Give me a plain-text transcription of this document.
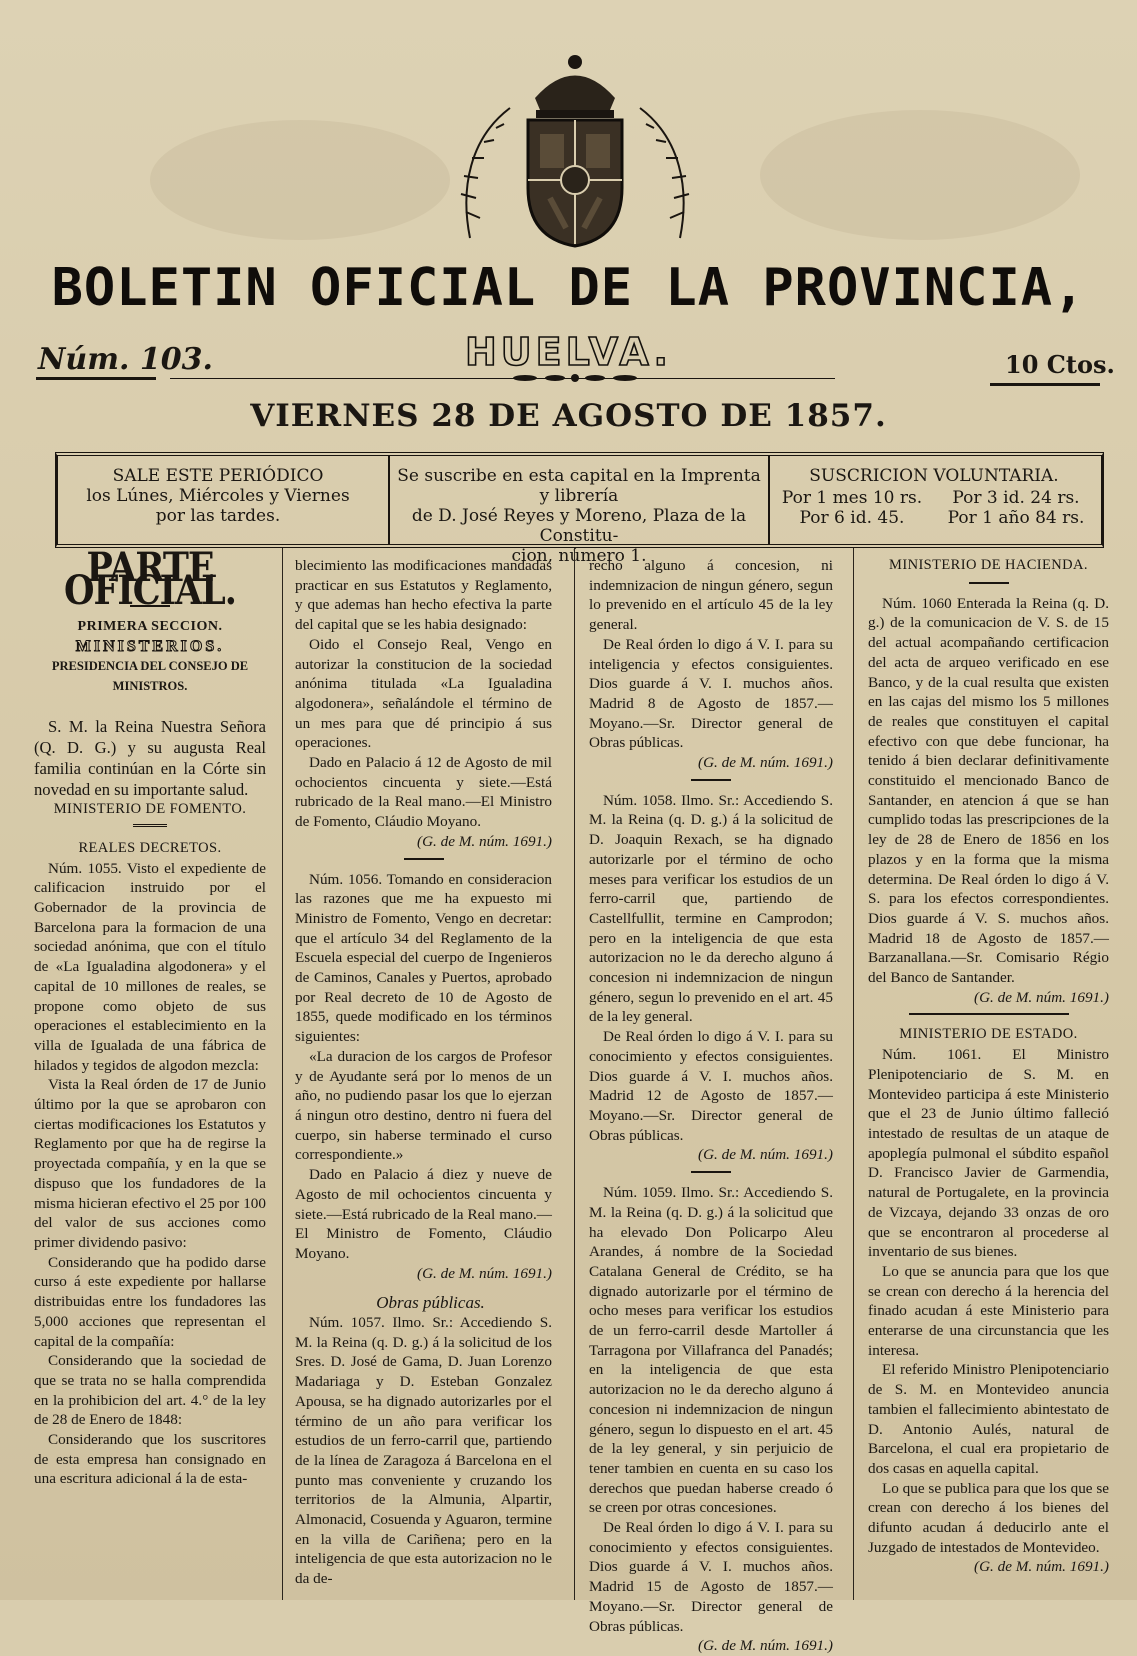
BOLETIN OFICIAL DE LA PROVINCIA,
Núm. 103.	HUELVA.	10 Ctos.
VIERNES 28 DE AGOSTO DE 1857.
SALE ESTE PERIÓDICO
los Lúnes, Miércoles y Viernes
por las tardes.
Se suscribe en esta capital en la Imprenta y librería
de D. José Reyes y Moreno, Plaza de la Constitu-
cion, número 1.
SUSCRICION VOLUNTARIA.
Por 1 mes 10 rs.	Por 3 id. 24 rs.
Por 6 id. 45.	Por 1 año 84 rs.

PARTE OFICIAL.

PRIMERA SECCION.

MINISTERIOS.

PRESIDENCIA DEL CONSEJO DE MINISTROS.

S. M. la Reina Nuestra Señora (Q. D. G.) y su augusta Real familia continúan en la Córte sin novedad en su importante salud.

MINISTERIO DE FOMENTO.

REALES DECRETOS.

Núm. 1055. Visto el expediente de calificacion instruido por el Gobernador de la provincia de Barcelona para la formacion de una sociedad anónima, que con el título de «La Igualadina algodonera» y el capital de 10 millones de reales, se propone como objeto de sus operaciones el establecimiento en la villa de Igualada de una fábrica de hilados y tegidos de algodon mezcla:

Vista la Real órden de 17 de Junio último por la que se aprobaron con ciertas modificaciones los Estatutos y Reglamento por que ha de regirse la proyectada compañía, y en la que se dispuso que los fundadores de la misma hicieran efectivo el 25 por 100 del valor de sus acciones como primer dividendo pasivo:

Considerando que ha podido darse curso á este expediente por hallarse distribuidas entre los fundadores las 5,000 acciones que representan el capital de la compañía:

Considerando que la sociedad de que se trata no se halla comprendida en la prohibicion del art. 4.° de la ley de 28 de Enero de 1848:

Considerando que los suscritores de esta empresa han consignado en una escritura adicional á la de esta-

blecimiento las modificaciones mandadas practicar en sus Estatutos y Reglamento, y que ademas han hecho efectiva la parte del capital que se les habia designado:

Oido el Consejo Real, Vengo en autorizar la constitucion de la sociedad anónima titulada «La Igualadina algodonera», señalándole el término de un mes para que dé principio á sus operaciones.

Dado en Palacio á 12 de Agosto de mil ochocientos cincuenta y siete.—Está rubricado de la Real mano.—El Ministro de Fomento, Cláudio Moyano.

(G. de M. núm. 1691.)

Núm. 1056. Tomando en consideracion las razones que me ha expuesto mi Ministro de Fomento, Vengo en decretar: que el artículo 34 del Reglamento de la Escuela especial del cuerpo de Ingenieros de Caminos, Canales y Puertos, aprobado por Real decreto de 10 de Agosto de 1855, quede modificado en los términos siguientes:

«La duracion de los cargos de Profesor y de Ayudante será por lo menos de un año, no pudiendo pasar los que lo ejerzan á ningun otro destino, dentro ni fuera del cuerpo, sin haberse terminado el curso correspondiente.»

Dado en Palacio á diez y nueve de Agosto de mil ochocientos cincuenta y siete.—Está rubricado de la Real mano.—El Ministro de Fomento, Cláudio Moyano.

(G. de M. núm. 1691.)

Obras públicas.

Núm. 1057. Ilmo. Sr.: Accediendo S. M. la Reina (q. D. g.) á la solicitud de los Sres. D. José de Gama, D. Juan Lorenzo Madariaga y D. Esteban Gonzalez Apousa, se ha dignado autorizarles por el término de un año para verificar los estudios de un ferro-carril que, partiendo de la línea de Zaragoza á Barcelona en el punto mas conveniente y cruzando los territorios de la Almunia, Alpartir, Almonacid, Cosuenda y Aguaron, termine en la villa de Cariñena; pero en la inteligencia de que esta autorizacion no le da de-

recho alguno á concesion, ni indemnizacion de ningun género, segun lo prevenido en el artículo 45 de la ley general.

De Real órden lo digo á V. I. para su inteligencia y efectos consiguientes. Dios guarde á V. I. muchos años. Madrid 8 de Agosto de 1857.—Moyano.—Sr. Director general de Obras públicas.

(G. de M. núm. 1691.)

Núm. 1058. Ilmo. Sr.: Accediendo S. M. la Reina (q. D. g.) á la solicitud de D. Joaquin Rexach, se ha dignado autorizarle por el término de ocho meses para verificar los estudios de un ferro-carril que, partiendo de Castellfullit, termine en Camprodon; pero en la inteligencia de que esta autorizacion no le da derecho alguno á concesion ni indemnizacion de ningun género, segun lo prevenido en el art. 45 de la ley general.

De Real órden lo digo á V. I. para su conocimiento y efectos consiguientes. Dios guarde á V. I. muchos años. Madrid 12 de Agosto de 1857.—Moyano.—Sr. Director general de Obras públicas.

(G. de M. núm. 1691.)

Núm. 1059. Ilmo. Sr.: Accediendo S. M. la Reina (q. D. g.) á la solicitud que ha elevado Don Policarpo Aleu Arandes, á nombre de la Sociedad Catalana General de Crédito, se ha dignado autorizarle por el término de ocho meses para verificar los estudios de un ferro-carril desde Martoller á Tarragona por Villafranca del Panadés; en la inteligencia de que esta autorizacion no le da derecho alguno á concesion ni indemnizacion de ningun género, segun lo dispuesto en el art. 45 de la ley general, y sin perjuicio de tener tambien en cuenta en su caso los derechos que puedan haberse creado ó se creen por otras concesiones.

De Real órden lo digo á V. I. para su conocimiento y efectos consiguientes. Dios guarde á V. I. muchos años. Madrid 15 de Agosto de 1857.—Moyano.—Sr. Director general de Obras públicas.

(G. de M. núm. 1691.)

MINISTERIO DE HACIENDA.

Núm. 1060 Enterada la Reina (q. D. g.) de la comunicacion de V. S. de 15 del actual acompañando certificacion del acta de arqueo verificado en ese Banco, y de la cual resulta que existen en las cajas del mismo los 5 millones de reales que constituyen el capital efectivo con que debe funcionar, ha tenido á bien declarar definitivamente constituido el mencionado Banco de Santander, en atencion á que se han cumplido todas las prescripciones de la ley de 28 de Enero de 1856 en los plazos y en la forma que la misma determina. De Real órden lo digo á V. S. para los efectos correspondientes. Dios guarde á V. S. muchos años. Madrid 18 de Agosto de 1857.—Barzanallana.—Sr. Comisario Régio del Banco de Santander.

(G. de M. núm. 1691.)

MINISTERIO DE ESTADO.

Núm. 1061. El Ministro Plenipotenciario de S. M. en Montevideo participa á este Ministerio que el 23 de Junio último falleció intestado de resultas de un ataque de apoplegía pulmonal el súbdito español D. Francisco Javier de Garmendia, natural de Portugalete, en la provincia de Vizcaya, dejando 33 onzas de oro que se encontraron al procederse al inventario de sus bienes.

Lo que se anuncia para que los que se crean con derecho á la herencia del finado acudan á este Ministerio para enterarse de una circunstancia que les interesa.

El referido Ministro Plenipotenciario de S. M. en Montevideo anuncia tambien el fallecimiento abintestato de D. Antonio Aulés, natural de Barcelona, el cual era propietario de dos casas en aquella capital.

Lo que se publica para que los que se crean con derecho á los bienes del difunto acudan á deducirlo ante el Juzgado de intestados de Montevideo.

(G. de M. núm. 1691.)
